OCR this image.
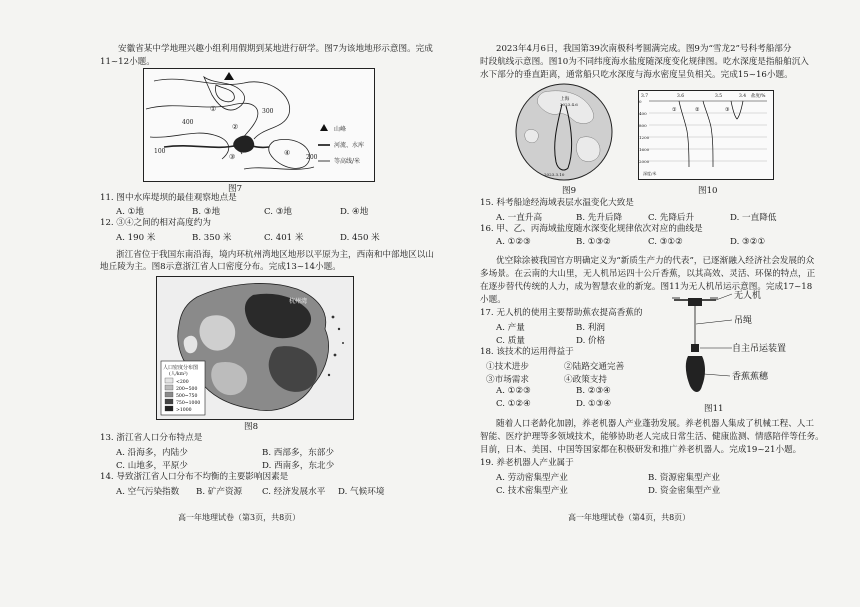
安徽省某中学地理兴趣小组利用假期到某地进行研学。图7为该地地形示意图。完成
11~12小题。
400
300
100
200
①
②
③	④
山峰
河流、水库
等高线/米
图7
11. 图中水库堤坝的最佳观察地点是
A. ①地	B. ③地	C. ③地	D. ④地
12. ③④之间的相对高度约为
A. 190 米	B. 350 米	C. 401 米	D. 450 米
浙江省位于我国东南沿海，境内环杭州湾地区地形以平原为主，西南和中部地区以山
地丘陵为主。图8示意浙江省人口密度分布。完成13~14小题。
杭州湾
人口密度分布图
(人/km²)
<200
200~500
500~750
750~1000
>1000
图8
13. 浙江省人口分布特点是
A. 沿海多，内陆少	B. 西部多，东部少
C. 山地多，平原少	D. 西南多，东北少
14. 导致浙江省人口分布不均衡的主要影响因素是
A. 空气污染指数 B. 矿产资源 C. 经济发展水平 D. 气候环境
高一年地理试卷（第3页，共8页）
2023年4月6日，我国第39次南极科考圆满完成。图9为“雪龙2”号科考船部分
时段航线示意图。图10为不同纬度海水盐度随深度变化规律图。吃水深度是指船舶沉入
水下部分的垂直距离，通常船只吃水深度与海水密度呈负相关。完成15~16小题。
上海
2023.4.6
2023.3.10
图9
3.7	3.6	3.5	3.4 盐度/%
0
400
800
1200
1600
2000
深度/米
①	②	③
图10
15. 科考船途经海域表层水温变化大致是
A. 一直升高	B. 先升后降	C. 先降后升	D. 一直降低
16. 甲、乙、丙海域盐度随水深变化规律依次对应的曲线是
A. ①②③	B. ①③②	C. ③①②	D. ③②①
优空除涂被我国官方明确定义为“新质生产力的代表”，已逐渐融入经济社会发展的众
多场景。在云南的大山里，无人机吊运四十公斤香蕉，以其高效、灵活、环保的特点，正
在逐步替代传统的人力，成为智慧农业的新宠。图11为无人机吊运示意图。完成17~18
小题。
17. 无人机的使用主要帮助蕉农提高香蕉的
A. 产量	B. 利润
C. 质量	D. 价格
18. 该技术的运用得益于
①技术进步	②陆路交通完善
③市场需求	④政策支持
A. ①②③	B. ②③④
C. ①②④	D. ①③④
无人机
吊绳
自主吊运装置
香蕉蕉穗
图11
随着人口老龄化加剧，养老机器人产业蓬勃发展。养老机器人集成了机械工程、人工
智能、医疗护理等多领域技术，能够协助老人完成日常生活、健康监测、情感陪伴等任务。
目前，日本、美国、中国等国家都在积极研发和推广养老机器人。完成19~21小题。
19. 养老机器人产业属于
A. 劳动密集型产业	B. 资源密集型产业
C. 技术密集型产业	D. 资金密集型产业
高一年地理试卷（第4页，共8页）
